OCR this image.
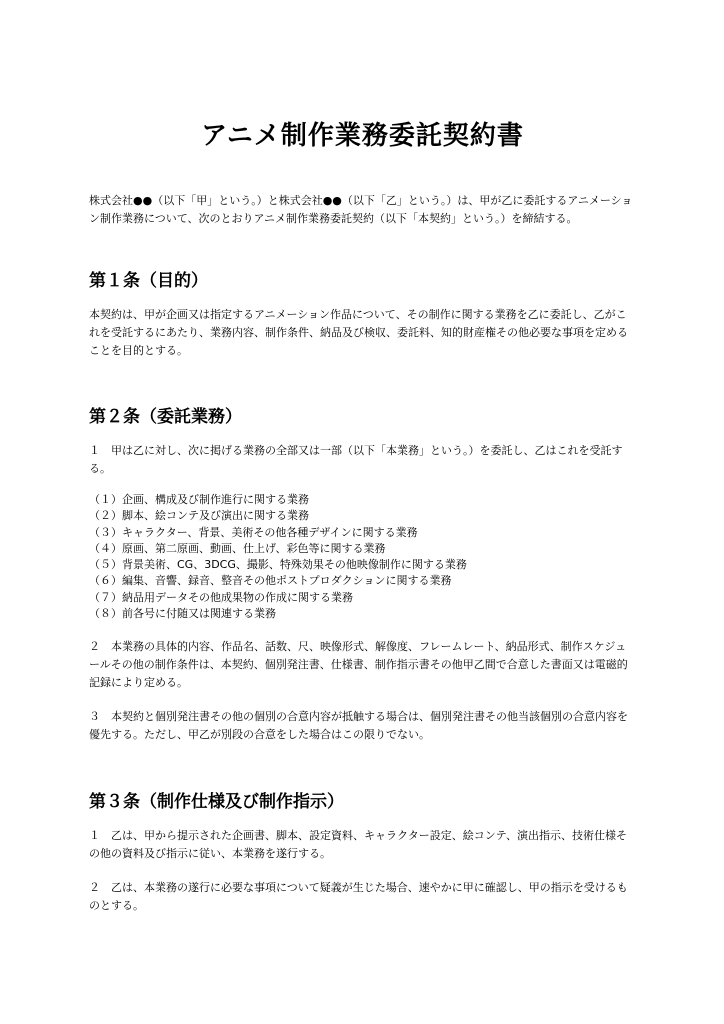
アニメ制作業務委託契約書

株式会社●●（以下「甲」という。）と株式会社●●（以下「乙」という。）は、甲が乙に委託するアニメーション制作業務について、次のとおりアニメ制作業務委託契約（以下「本契約」という。）を締結する。

第１条（目的）

本契約は、甲が企画又は指定するアニメーション作品について、その制作に関する業務を乙に委託し、乙がこれを受託するにあたり、業務内容、制作条件、納品及び検収、委託料、知的財産権その他必要な事項を定めることを目的とする。

第２条（委託業務）

１　甲は乙に対し、次に掲げる業務の全部又は一部（以下「本業務」という。）を委託し、乙はこれを受託する。

（１）企画、構成及び制作進行に関する業務
（２）脚本、絵コンテ及び演出に関する業務
（３）キャラクター、背景、美術その他各種デザインに関する業務
（４）原画、第二原画、動画、仕上げ、彩色等に関する業務
（５）背景美術、CG、3DCG、撮影、特殊効果その他映像制作に関する業務
（６）編集、音響、録音、整音その他ポストプロダクションに関する業務
（７）納品用データその他成果物の作成に関する業務
（８）前各号に付随又は関連する業務

２　本業務の具体的内容、作品名、話数、尺、映像形式、解像度、フレームレート、納品形式、制作スケジュールその他の制作条件は、本契約、個別発注書、仕様書、制作指示書その他甲乙間で合意した書面又は電磁的記録により定める。

３　本契約と個別発注書その他の個別の合意内容が抵触する場合は、個別発注書その他当該個別の合意内容を優先する。ただし、甲乙が別段の合意をした場合はこの限りでない。

第３条（制作仕様及び制作指示）

１　乙は、甲から提示された企画書、脚本、設定資料、キャラクター設定、絵コンテ、演出指示、技術仕様その他の資料及び指示に従い、本業務を遂行する。

２　乙は、本業務の遂行に必要な事項について疑義が生じた場合、速やかに甲に確認し、甲の指示を受けるものとする。
